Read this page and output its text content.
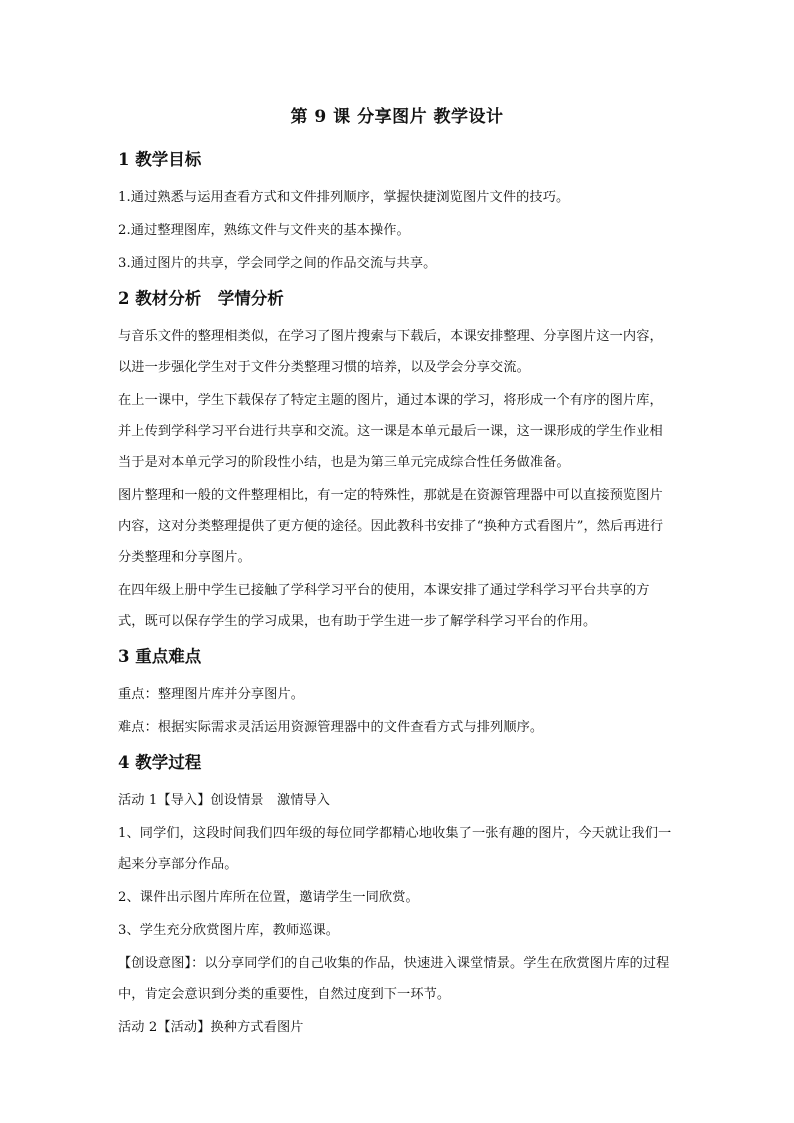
第 9 课 分享图片 教学设计
1 教学目标
1.通过熟悉与运用查看方式和文件排列顺序，掌握快捷浏览图片文件的技巧。
2.通过整理图库，熟练文件与文件夹的基本操作。
3.通过图片的共享，学会同学之间的作品交流与共享。
2 教材分析　学情分析
与音乐文件的整理相类似，在学习了图片搜索与下载后，本课安排整理、分享图片这一内容，以进一步强化学生对于文件分类整理习惯的培养，以及学会分享交流。
在上一课中，学生下载保存了特定主题的图片，通过本课的学习，将形成一个有序的图片库，并上传到学科学习平台进行共享和交流。这一课是本单元最后一课，这一课形成的学生作业相当于是对本单元学习的阶段性小结，也是为第三单元完成综合性任务做准备。
图片整理和一般的文件整理相比，有一定的特殊性，那就是在资源管理器中可以直接预览图片内容，这对分类整理提供了更方便的途径。因此教科书安排了“换种方式看图片”，然后再进行分类整理和分享图片。
在四年级上册中学生已接触了学科学习平台的使用，本课安排了通过学科学习平台共享的方式，既可以保存学生的学习成果，也有助于学生进一步了解学科学习平台的作用。
3 重点难点
重点：整理图片库并分享图片。
难点：根据实际需求灵活运用资源管理器中的文件查看方式与排列顺序。
4 教学过程
活动 1【导入】创设情景　激情导入
1、同学们，这段时间我们四年级的每位同学都精心地收集了一张有趣的图片，今天就让我们一起来分享部分作品。
2、课件出示图片库所在位置，邀请学生一同欣赏。
3、学生充分欣赏图片库，教师巡课。
【创设意图】：以分享同学们的自己收集的作品，快速进入课堂情景。学生在欣赏图片库的过程中，肯定会意识到分类的重要性，自然过度到下一环节。
活动 2【活动】换种方式看图片
